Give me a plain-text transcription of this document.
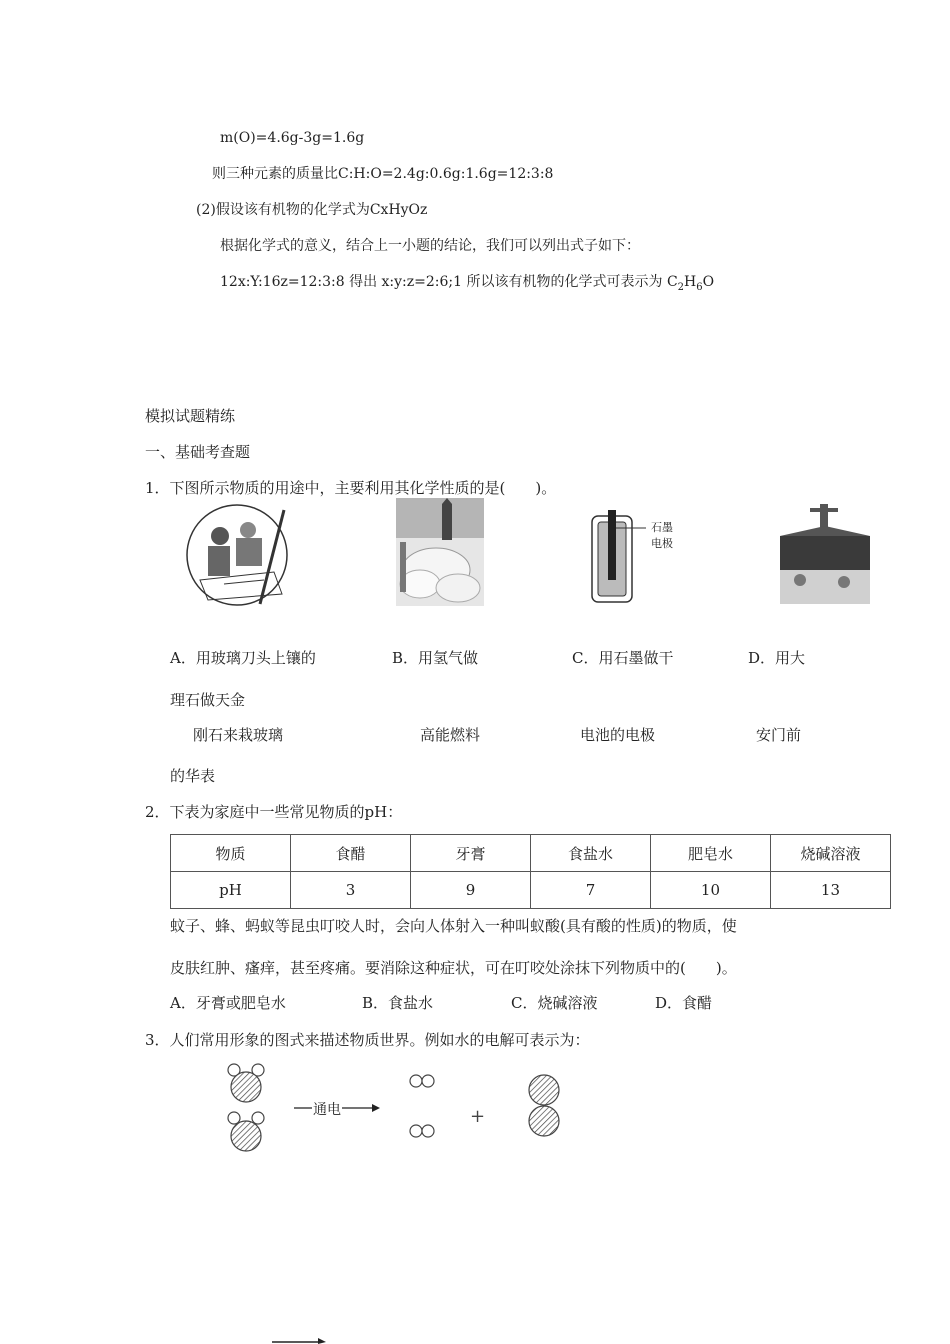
m(O)=4.6g-3g=1.6g
则三种元素的质量比C:H:O=2.4g:0.6g:1.6g=12:3:8
(2)假设该有机物的化学式为CxHyOz
根据化学式的意义，结合上一小题的结论，我们可以列出式子如下：
12x:Y:16z=12:3:8 得出 x:y:z=2:6;1 所以该有机物的化学式可表示为 $C_2H_6O$
模拟试题精练
一、基础考查题
1．下图所示物质的用途中，主要利用其化学性质的是(　　)。
石墨
电极
A．用玻璃刀头上镶的	B．用氢气做	C．用石墨做干	D．用大
理石做天金
刚石来栽玻璃	高能燃料	电池的电极	安门前
的华表
2．下表为家庭中一些常见物质的pH：
物质	食醋	牙膏	食盐水	肥皂水	烧碱溶液
pH	3	9	7	10	13
蚊子、蜂、蚂蚁等昆虫叮咬人时，会向人体射入一种叫蚁酸(具有酸的性质)的物质，使
皮肤红肿、瘙痒，甚至疼痛。要消除这种症状，可在叮咬处涂抹下列物质中的(　　)。
A．牙膏或肥皂水	B．食盐水	C．烧碱溶液	D．食醋
3．人们常用形象的图式来描述物质世界。例如水的电解可表示为：
通电	+
